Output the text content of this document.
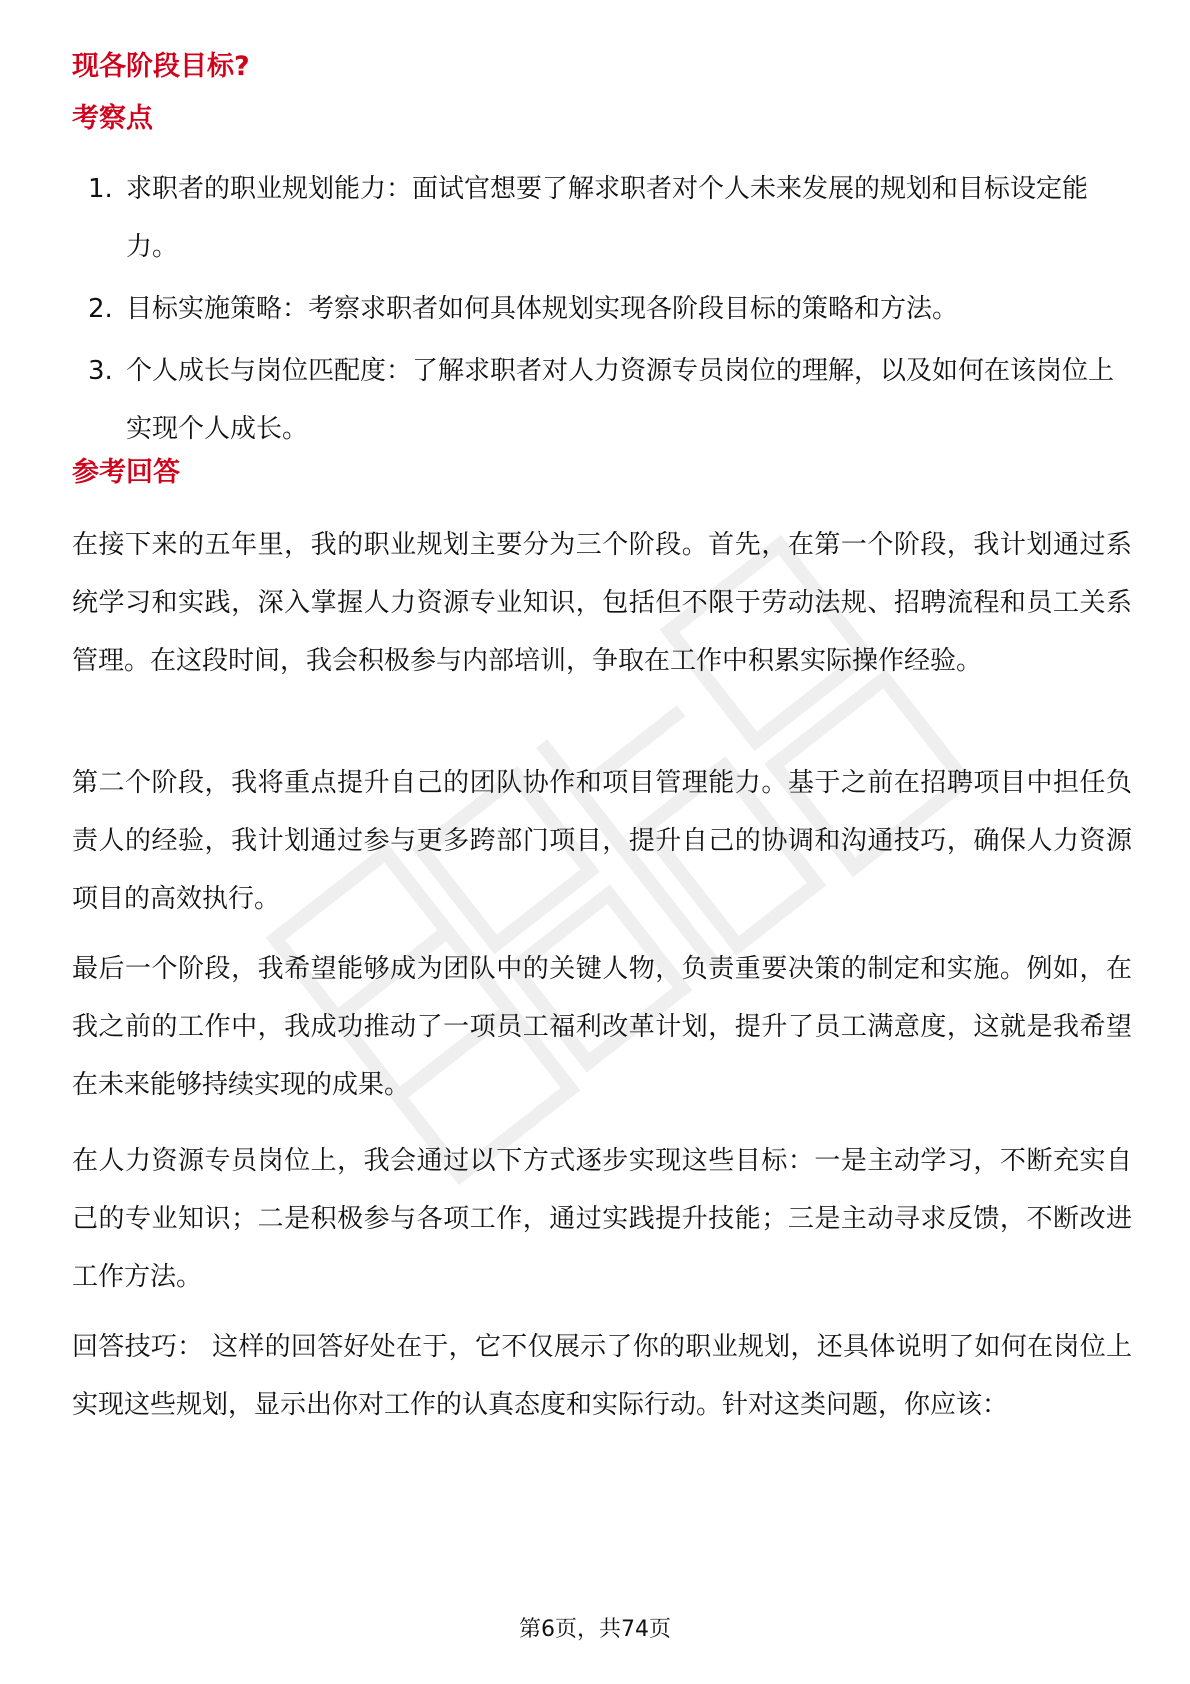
现各阶段目标?
考察点
1. 求职者的职业规划能力：面试官想要了解求职者对个人未来发展的规划和目标设定能力。
2. 目标实施策略：考察求职者如何具体规划实现各阶段目标的策略和方法。
3. 个人成长与岗位匹配度：了解求职者对人力资源专员岗位的理解，以及如何在该岗位上实现个人成长。
参考回答

在接下来的五年里，我的职业规划主要分为三个阶段。首先，在第一个阶段，我计划通过系统学习和实践，深入掌握人力资源专业知识，包括但不限于劳动法规、招聘流程和员工关系管理。在这段时间，我会积极参与内部培训，争取在工作中积累实际操作经验。

第二个阶段，我将重点提升自己的团队协作和项目管理能力。基于之前在招聘项目中担任负责人的经验，我计划通过参与更多跨部门项目，提升自己的协调和沟通技巧，确保人力资源项目的高效执行。

最后一个阶段，我希望能够成为团队中的关键人物，负责重要决策的制定和实施。例如，在我之前的工作中，我成功推动了一项员工福利改革计划，提升了员工满意度，这就是我希望在未来能够持续实现的成果。

在人力资源专员岗位上，我会通过以下方式逐步实现这些目标：一是主动学习，不断充实自己的专业知识；二是积极参与各项工作，通过实践提升技能；三是主动寻求反馈，不断改进工作方法。

回答技巧： 这样的回答好处在于，它不仅展示了你的职业规划，还具体说明了如何在岗位上实现这些规划，显示出你对工作的认真态度和实际行动。针对这类问题，你应该：

第6页，共74页
